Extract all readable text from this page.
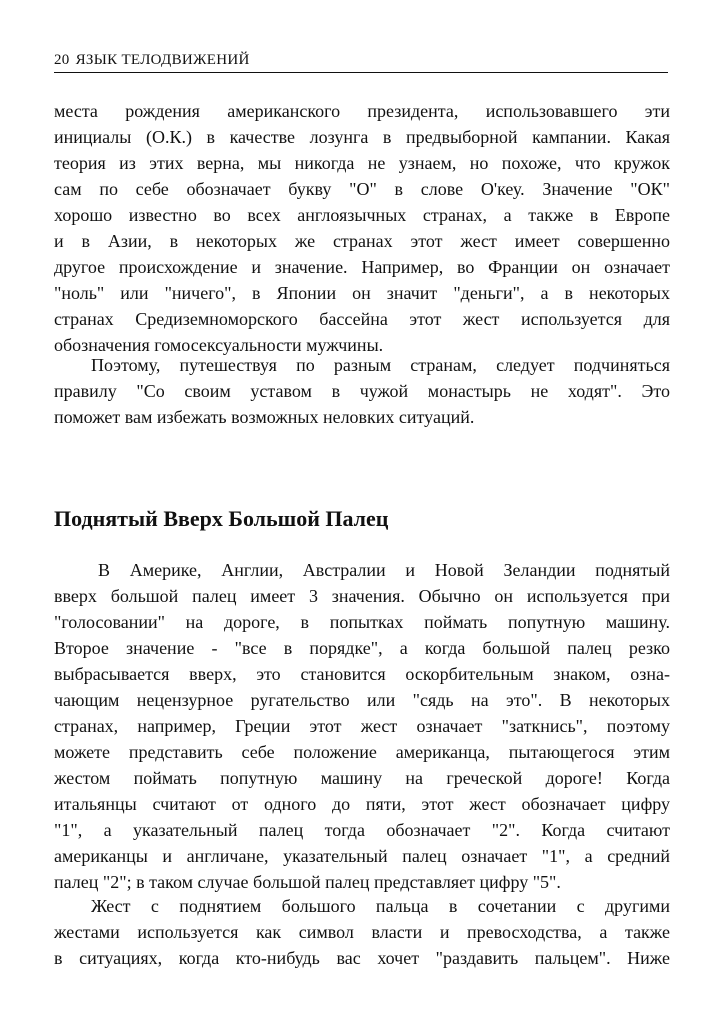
20 ЯЗЫК ТЕЛОДВИЖЕНИЙ
места рождения американского президента, использовавшего эти
инициалы (О.К.) в качестве лозунга в предвыборной кампании. Какая
теория из этих верна, мы никогда не узнаем, но похоже, что кружок
сам по себе обозначает букву "О" в слове О'кеу. Значение "ОК"
хорошо известно во всех англоязычных странах, а также в Европе
и в Азии, в некоторых же странах этот жест имеет совершенно
другое происхождение и значение. Например, во Франции он означает
"ноль" или "ничего", в Японии он значит "деньги", а в некоторых
странах Средиземноморского бассейна этот жест используется для
обозначения гомосексуальности мужчины.
Поэтому, путешествуя по разным странам, следует подчиняться
правилу "Со своим уставом в чужой монастырь не ходят". Это
поможет вам избежать возможных неловких ситуаций.
Поднятый Вверх Большой Палец
В Америке, Англии, Австралии и Новой Зеландии поднятый
вверх большой палец имеет 3 значения. Обычно он используется при
"голосовании" на дороге, в попытках поймать попутную машину.
Второе значение - "все в порядке", а когда большой палец резко
выбрасывается вверх, это становится оскорбительным знаком, озна-
чающим нецензурное ругательство или "сядь на это". В некоторых
странах, например, Греции этот жест означает "заткнись", поэтому
можете представить себе положение американца, пытающегося этим
жестом поймать попутную машину на греческой дороге! Когда
итальянцы считают от одного до пяти, этот жест обозначает цифру
"1", а указательный палец тогда обозначает "2". Когда считают
американцы и англичане, указательный палец означает "1", а средний
палец "2"; в таком случае большой палец представляет цифру "5".
Жест с поднятием большого пальца в сочетании с другими
жестами используется как символ власти и превосходства, а также
в ситуациях, когда кто-нибудь вас хочет "раздавить пальцем". Ниже
